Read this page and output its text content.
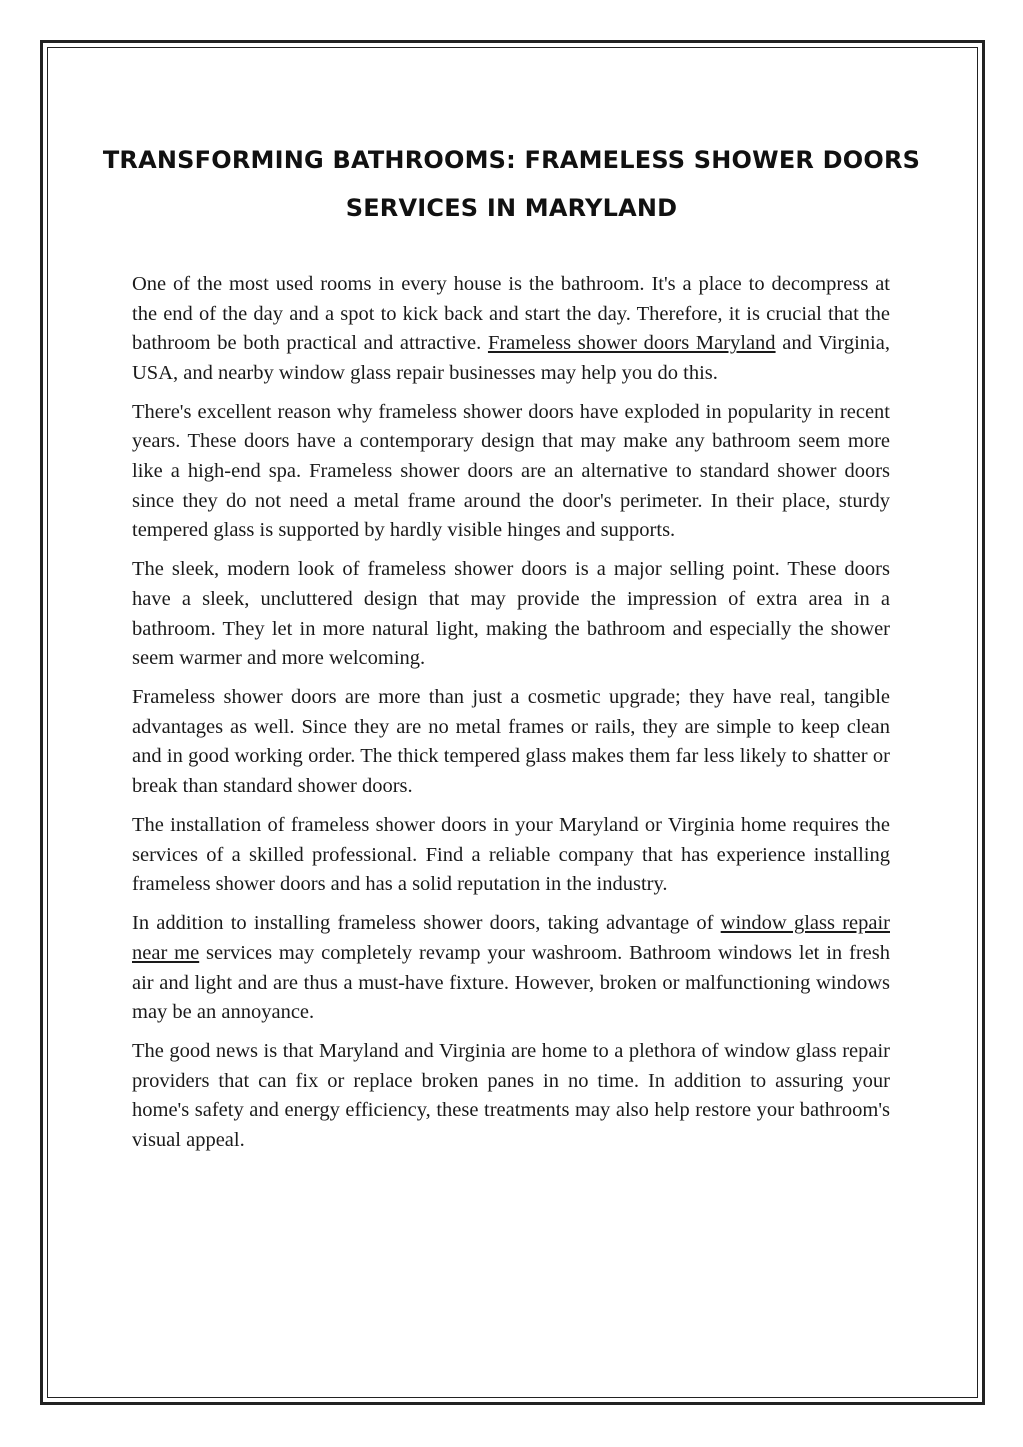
TRANSFORMING BATHROOMS: FRAMELESS SHOWER DOORS SERVICES IN MARYLAND

One of the most used rooms in every house is the bathroom. It's a place to decompress at the end of the day and a spot to kick back and start the day. Therefore, it is crucial that the bathroom be both practical and attractive. Frameless shower doors Maryland and Virginia, USA, and nearby window glass repair businesses may help you do this.

There's excellent reason why frameless shower doors have exploded in popularity in recent years. These doors have a contemporary design that may make any bathroom seem more like a high-end spa. Frameless shower doors are an alternative to standard shower doors since they do not need a metal frame around the door's perimeter. In their place, sturdy tempered glass is supported by hardly visible hinges and supports.

The sleek, modern look of frameless shower doors is a major selling point. These doors have a sleek, uncluttered design that may provide the impression of extra area in a bathroom. They let in more natural light, making the bathroom and especially the shower seem warmer and more welcoming.

Frameless shower doors are more than just a cosmetic upgrade; they have real, tangible advantages as well. Since they are no metal frames or rails, they are simple to keep clean and in good working order. The thick tempered glass makes them far less likely to shatter or break than standard shower doors.

The installation of frameless shower doors in your Maryland or Virginia home requires the services of a skilled professional. Find a reliable company that has experience installing frameless shower doors and has a solid reputation in the industry.

In addition to installing frameless shower doors, taking advantage of window glass repair near me services may completely revamp your washroom. Bathroom windows let in fresh air and light and are thus a must-have fixture. However, broken or malfunctioning windows may be an annoyance.

The good news is that Maryland and Virginia are home to a plethora of window glass repair providers that can fix or replace broken panes in no time. In addition to assuring your home's safety and energy efficiency, these treatments may also help restore your bathroom's visual appeal.
